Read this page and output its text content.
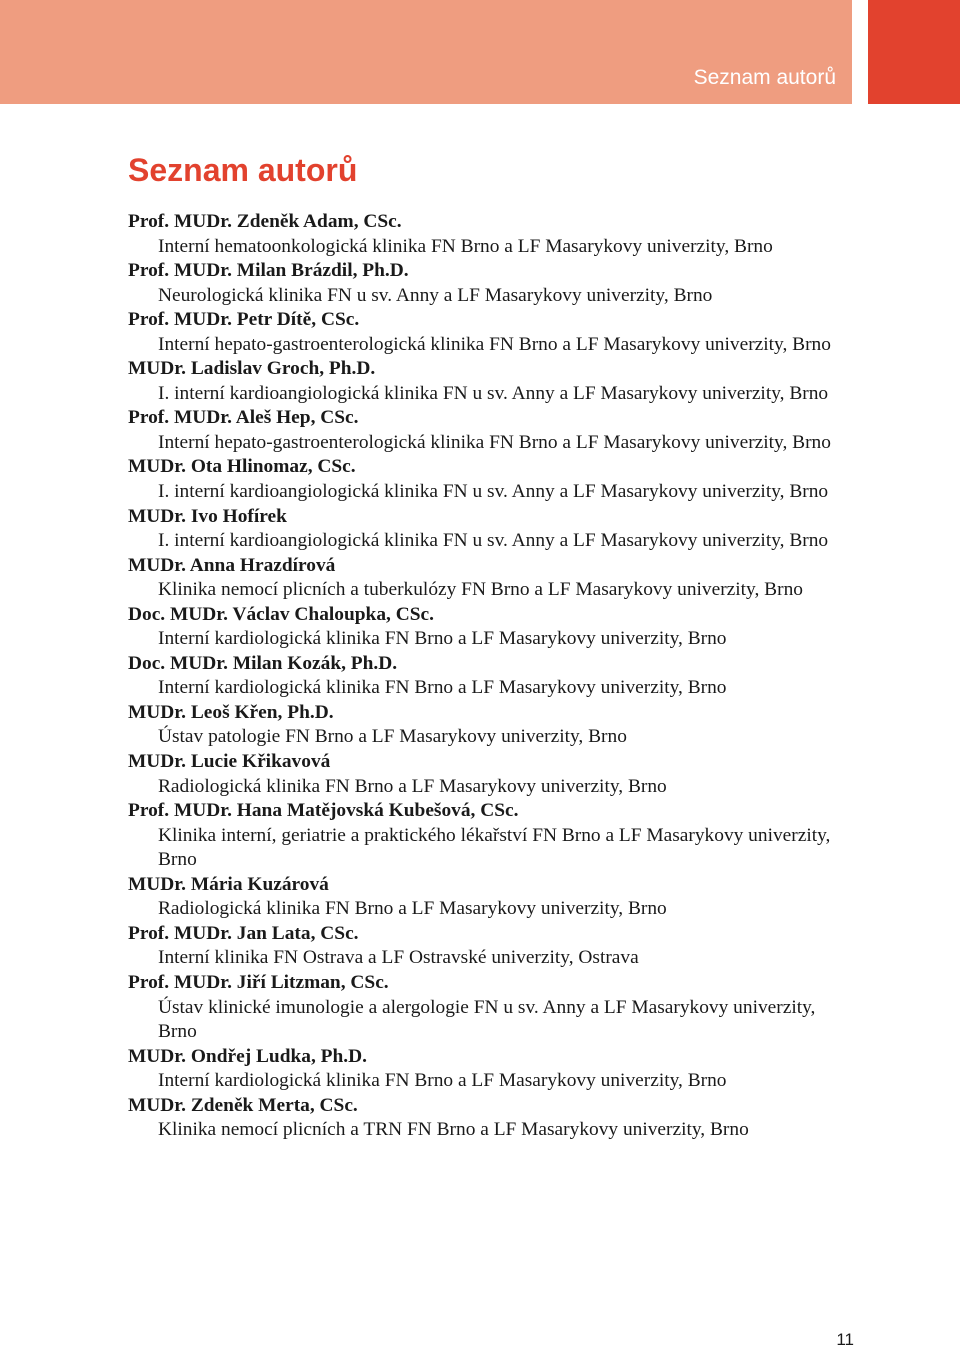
Seznam autorů
Seznam autorů
Prof. MUDr. Zdeněk Adam, CSc.
Interní hematoonkologická klinika FN Brno a LF Masarykovy univerzity, Brno
Prof. MUDr. Milan Brázdil, Ph.D.
Neurologická klinika FN u sv. Anny a LF Masarykovy univerzity, Brno
Prof. MUDr. Petr Dítě, CSc.
Interní hepato-gastroenterologická klinika FN Brno a LF Masarykovy univerzity, Brno
MUDr. Ladislav Groch, Ph.D.
I. interní kardioangiologická klinika FN u sv. Anny a LF Masarykovy univerzity, Brno
Prof. MUDr. Aleš Hep, CSc.
Interní hepato-gastroenterologická klinika FN Brno a LF Masarykovy univerzity, Brno
MUDr. Ota Hlinomaz, CSc.
I. interní kardioangiologická klinika FN u sv. Anny a LF Masarykovy univerzity, Brno
MUDr. Ivo Hofírek
I. interní kardioangiologická klinika FN u sv. Anny a LF Masarykovy univerzity, Brno
MUDr. Anna Hrazdírová
Klinika nemocí plicních a tuberkulózy FN Brno a LF Masarykovy univerzity, Brno
Doc. MUDr. Václav Chaloupka, CSc.
Interní kardiologická klinika FN Brno a LF Masarykovy univerzity, Brno
Doc. MUDr. Milan Kozák, Ph.D.
Interní kardiologická klinika FN Brno a LF Masarykovy univerzity, Brno
MUDr. Leoš Křen, Ph.D.
Ústav patologie FN Brno a LF Masarykovy univerzity, Brno
MUDr. Lucie Křikavová
Radiologická klinika FN Brno a LF Masarykovy univerzity, Brno
Prof. MUDr. Hana Matějovská Kubešová, CSc.
Klinika interní, geriatrie a praktického lékařství FN Brno a LF Masarykovy univerzity, Brno
MUDr. Mária Kuzárová
Radiologická klinika FN Brno a LF Masarykovy univerzity, Brno
Prof. MUDr. Jan Lata, CSc.
Interní klinika FN Ostrava a LF Ostravské univerzity, Ostrava
Prof. MUDr. Jiří Litzman, CSc.
Ústav klinické imunologie a alergologie FN u sv. Anny a LF Masarykovy univerzity, Brno
MUDr. Ondřej Ludka, Ph.D.
Interní kardiologická klinika FN Brno a LF Masarykovy univerzity, Brno
MUDr. Zdeněk Merta, CSc.
Klinika nemocí plicních a TRN FN Brno a LF Masarykovy univerzity, Brno
11
